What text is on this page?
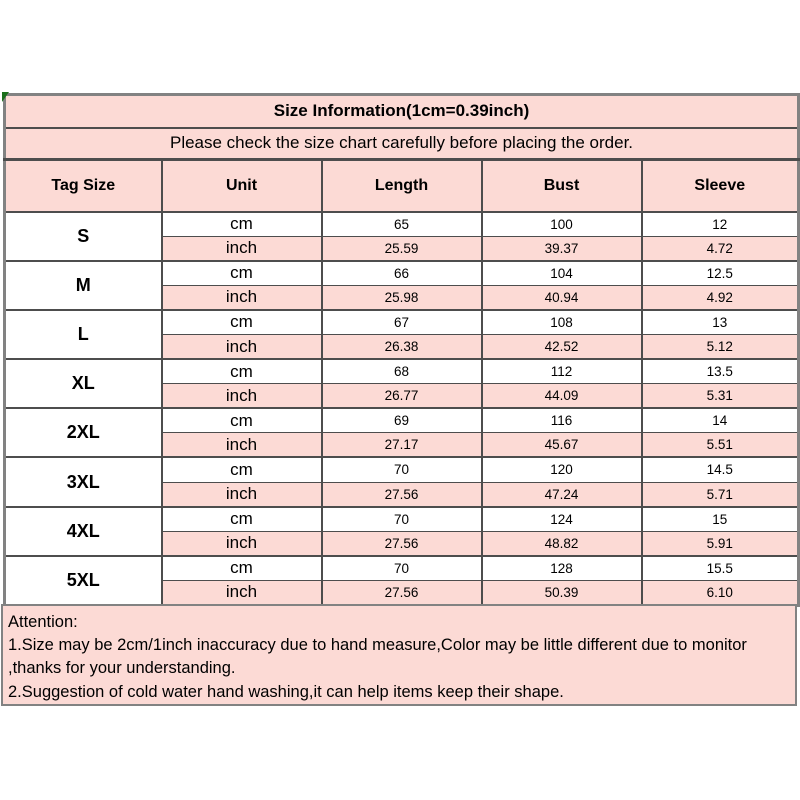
Size Information(1cm=0.39inch)				
Please check the size chart carefully before placing the order.				
Tag Size	Unit	Length	Bust	Sleeve
S	cm	65	100	12
	inch	25.59	39.37	4.72
M	cm	66	104	12.5
	inch	25.98	40.94	4.92
L	cm	67	108	13
	inch	26.38	42.52	5.12
XL	cm	68	112	13.5
	inch	26.77	44.09	5.31
2XL	cm	69	116	14
	inch	27.17	45.67	5.51
3XL	cm	70	120	14.5
	inch	27.56	47.24	5.71
4XL	cm	70	124	15
	inch	27.56	48.82	5.91
5XL	cm	70	128	15.5
	inch	27.56	50.39	6.10
Attention:
1.Size may be 2cm/1inch inaccuracy due to hand measure,Color may be little different due to monitor
,thanks for your understanding.
2.Suggestion of cold water hand washing,it can help items keep their shape.
